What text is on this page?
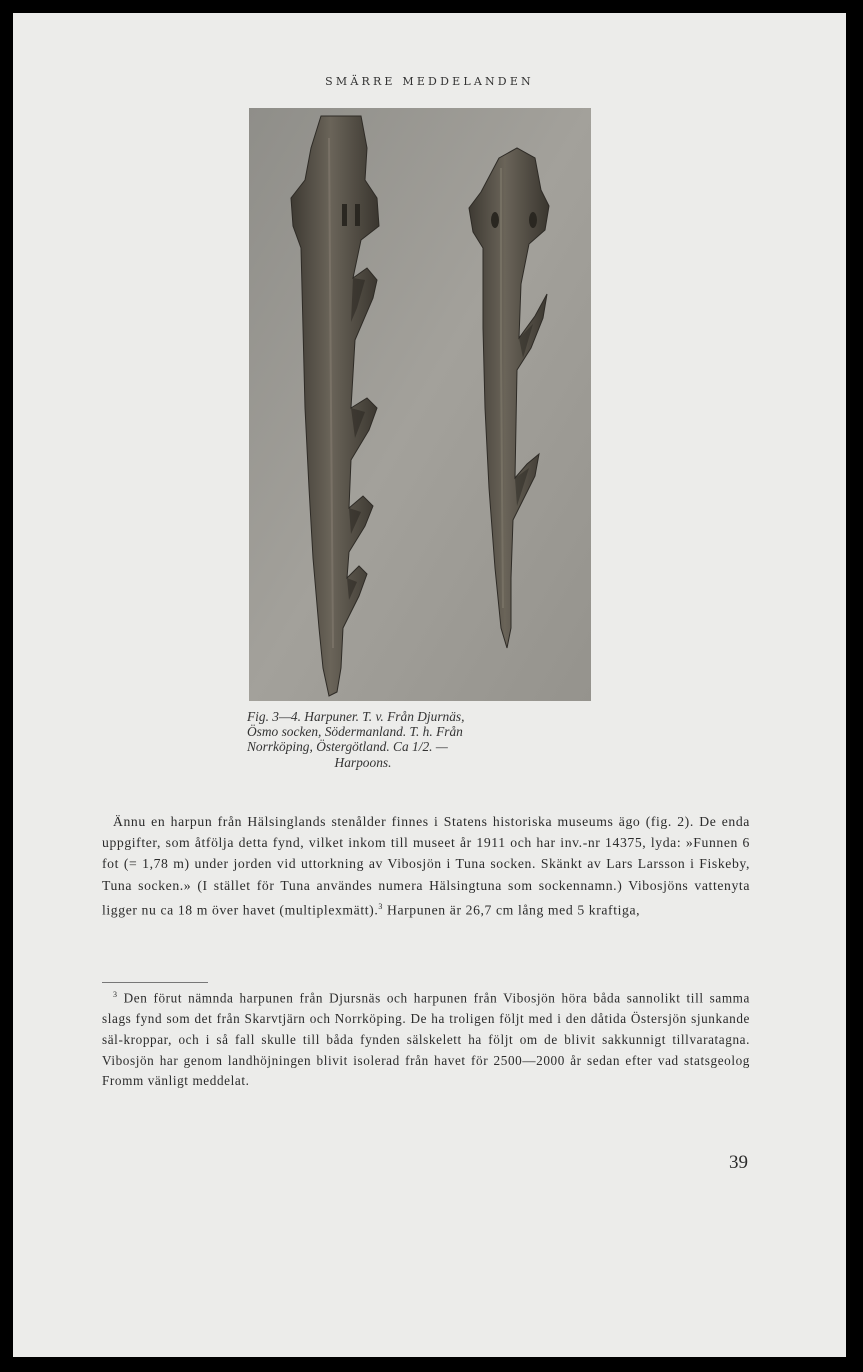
SMÄRRE MEDDELANDEN
Fig. 3—4. Harpuner. T. v. Från Djurnäs,
Ösmo socken, Södermanland. T. h. Från
Norrköping, Östergötland. Ca 1/2. —
Harpoons.

Ännu en harpun från Hälsinglands stenålder finnes i Statens historiska museums ägo (fig. 2). De enda uppgifter, som åtfölja detta fynd, vilket inkom till museet år 1911 och har inv.-nr 14375, lyda: »Funnen 6 fot (= 1,78 m) under jorden vid uttorkning av Vibosjön i Tuna socken. Skänkt av Lars Larsson i Fiskeby, Tuna socken.» (I stället för Tuna användes numera Hälsingtuna som sockennamn.) Vibosjöns vattenyta ligger nu ca 18 m över havet (multiplexmätt).$^3$ Harpunen är 26,7 cm lång med 5 kraftiga,

$^3$ Den förut nämnda harpunen från Djursnäs och harpunen från Vibosjön höra båda sannolikt till samma slags fynd som det från Skarvtjärn och Norrköping. De ha troligen följt med i den dåtida Östersjön sjunkande säl-kroppar, och i så fall skulle till båda fynden sälskelett ha följt om de blivit sakkunnigt tillvaratagna. Vibosjön har genom landhöjningen blivit isolerad från havet för 2500—2000 år sedan efter vad statsgeolog Fromm vänligt meddelat.

39
